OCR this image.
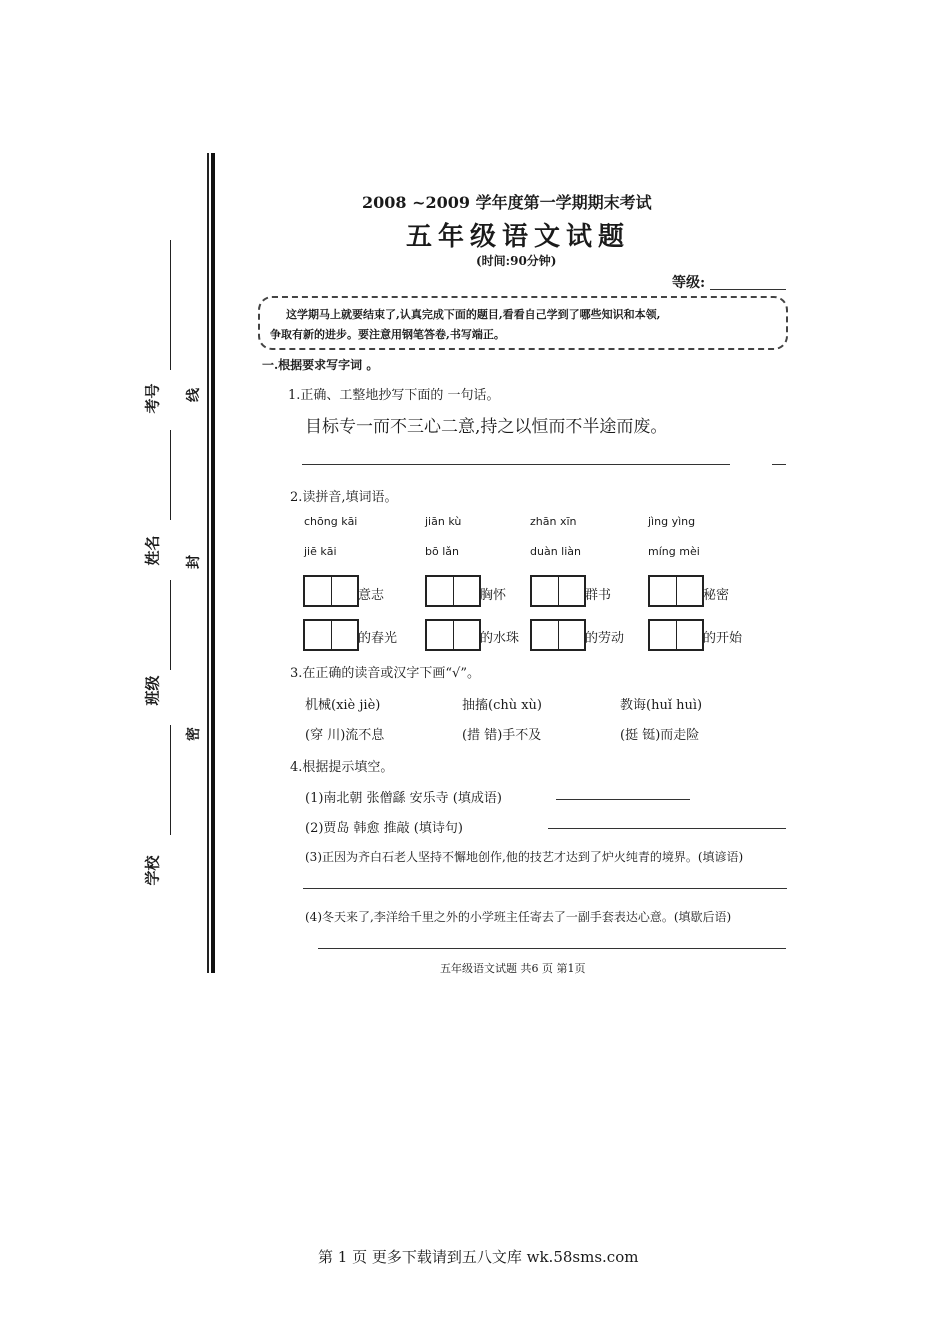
考号
姓名
班级
学校
线
封
密
2008 ~2009 学年度第一学期期末考试
五年级语文试题
(时间:90分钟)
等级:
这学期马上就要结束了,认真完成下面的题目,看看自己学到了哪些知识和本领,
争取有新的进步。要注意用钢笔答卷,书写端正。
一.根据要求写字词 。
1.正确、工整地抄写下面的 一句话。
目标专一而不三心二意,持之以恒而不半途而废。
2.读拼音,填词语。
chōng kāi	jiān kù	zhān xīn	jìng yìng
jiē kāi	bō lǎn	duàn liàn	míng mèi
意志	胸怀	群书	秘密
的春光	的水珠	的劳动	的开始
3.在正确的读音或汉字下画“√”。
机械(xiè jiè)	抽搐(chù xù)	教诲(huǐ huì)
(穿 川)流不息	(措 错)手不及	(挺 铤)而走险
4.根据提示填空。
(1)南北朝 张僧繇 安乐寺 (填成语)
(2)贾岛 韩愈 推敲 (填诗句)
(3)正因为齐白石老人坚持不懈地创作,他的技艺才达到了炉火纯青的境界。(填谚语)
(4)冬天来了,李洋给千里之外的小学班主任寄去了一副手套表达心意。(填歇后语)
五年级语文试题 共6 页 第1页
第 1 页 更多下载请到五八文库 wk.58sms.com
